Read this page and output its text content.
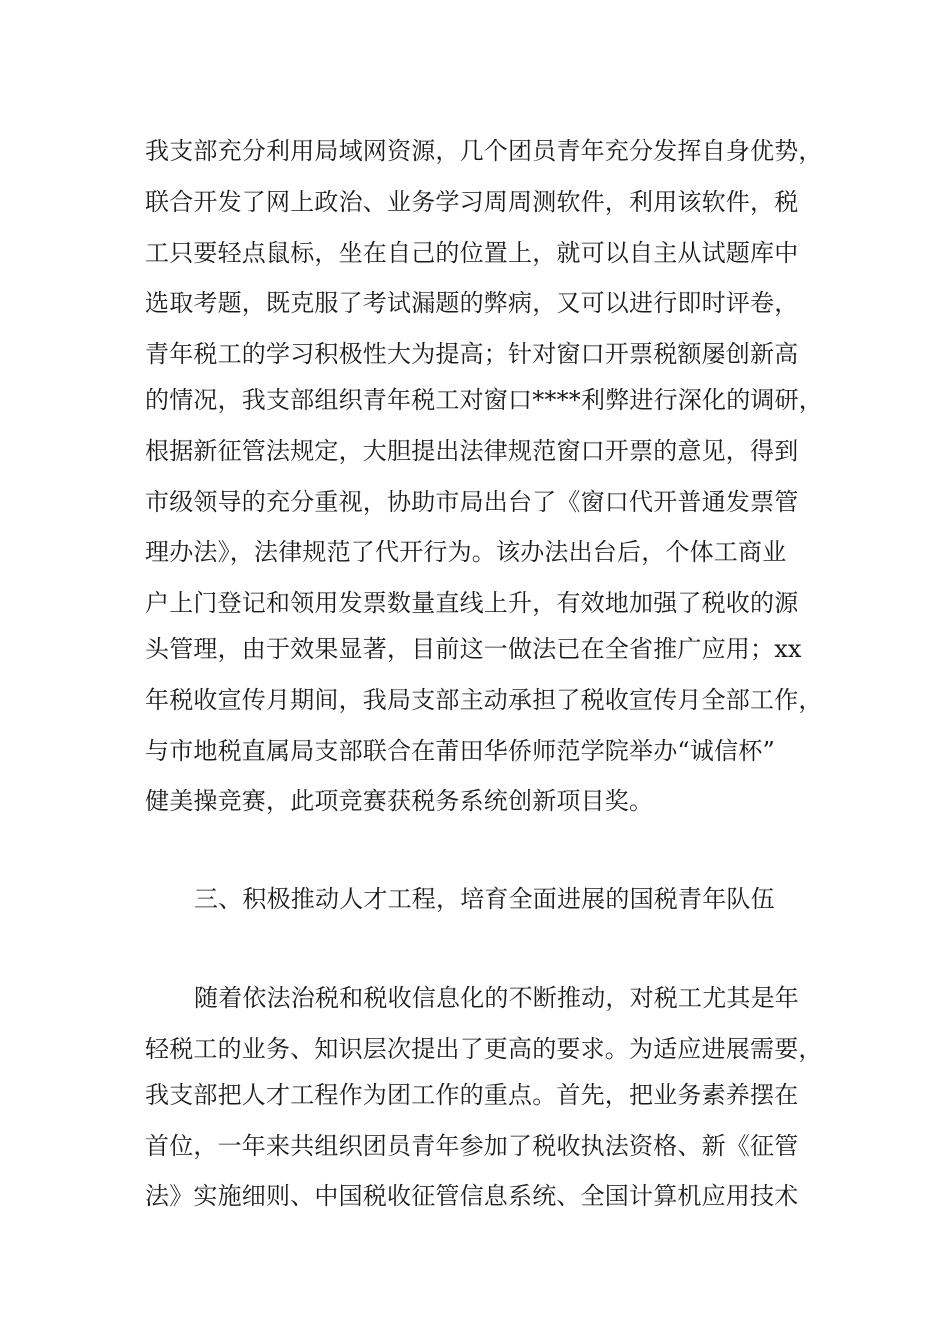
我支部充分利用局域网资源，几个团员青年充分发挥自身优势，
联合开发了网上政治、业务学习周周测软件，利用该软件，税
工只要轻点鼠标，坐在自己的位置上，就可以自主从试题库中
选取考题，既克服了考试漏题的弊病，又可以进行即时评卷，
青年税工的学习积极性大为提高；针对窗口开票税额屡创新高
的情况，我支部组织青年税工对窗口****利弊进行深化的调研，
根据新征管法规定，大胆提出法律规范窗口开票的意见，得到
市级领导的充分重视，协助市局出台了《窗口代开普通发票管
理办法》，法律规范了代开行为。该办法出台后，个体工商业
户上门登记和领用发票数量直线上升，有效地加强了税收的源
头管理，由于效果显著，目前这一做法已在全省推广应用；xx
年税收宣传月期间，我局支部主动承担了税收宣传月全部工作，
与市地税直属局支部联合在莆田华侨师范学院举办“诚信杯”
健美操竞赛，此项竞赛获税务系统创新项目奖。
三、积极推动人才工程，培育全面进展的国税青年队伍
随着依法治税和税收信息化的不断推动，对税工尤其是年
轻税工的业务、知识层次提出了更高的要求。为适应进展需要，
我支部把人才工程作为团工作的重点。首先，把业务素养摆在
首位，一年来共组织团员青年参加了税收执法资格、新《征管
法》实施细则、中国税收征管信息系统、全国计算机应用技术
